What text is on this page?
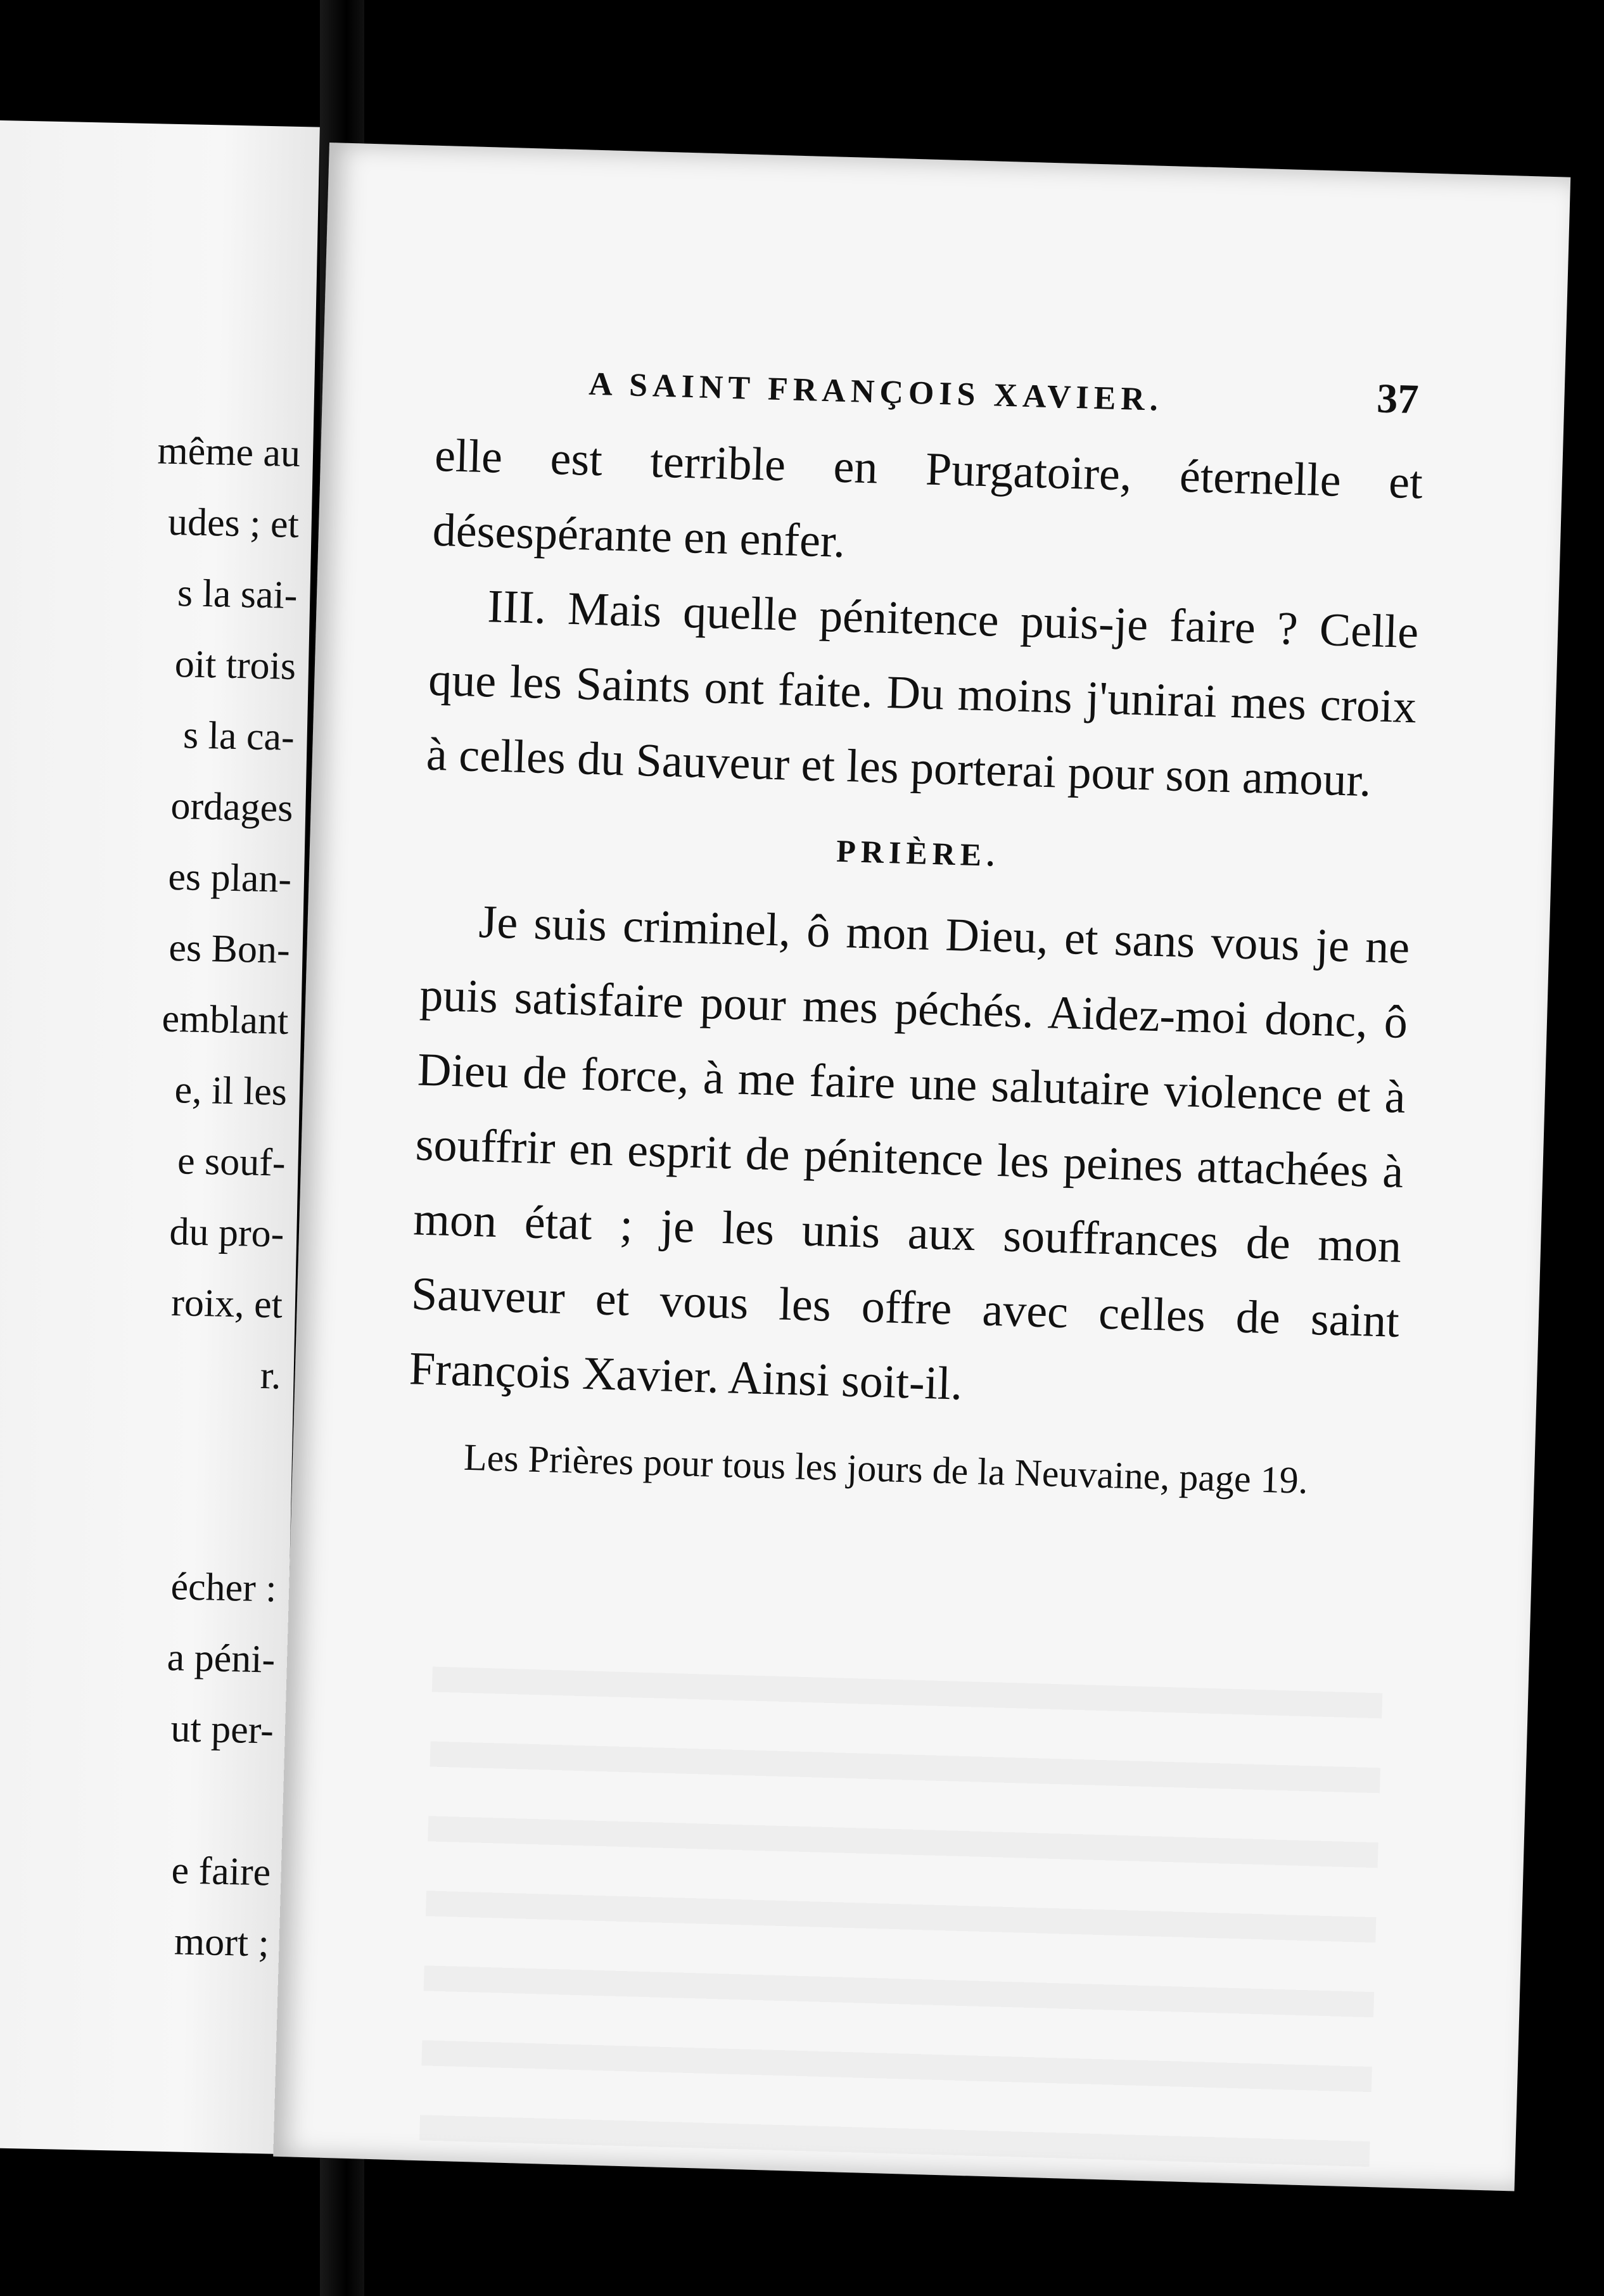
même au
udes ; et
s la sai-
oit trois
s la ca-
ordages
es plan-
es Bon-
emblant
e, il les
e souf-
du pro-
roix, et
r.
écher :
a péni-
ut per-
e faire
mort ;
A SAINT FRANÇOIS XAVIER.	37

elle est terrible en Purgatoire, éternelle et désespérante en enfer.

III. Mais quelle pénitence puis-je faire ? Celle que les Saints ont faite. Du moins j'unirai mes croix à celles du Sauveur et les porterai pour son amour.

PRIÈRE.

Je suis criminel, ô mon Dieu, et sans vous je ne puis satisfaire pour mes péchés. Aidez-moi donc, ô Dieu de force, à me faire une salutaire violence et à souffrir en esprit de pénitence les peines attachées à mon état ; je les unis aux souffrances de mon Sauveur et vous les offre avec celles de saint François Xavier. Ainsi soit-il.

Les Prières pour tous les jours de la Neuvaine, page 19.
